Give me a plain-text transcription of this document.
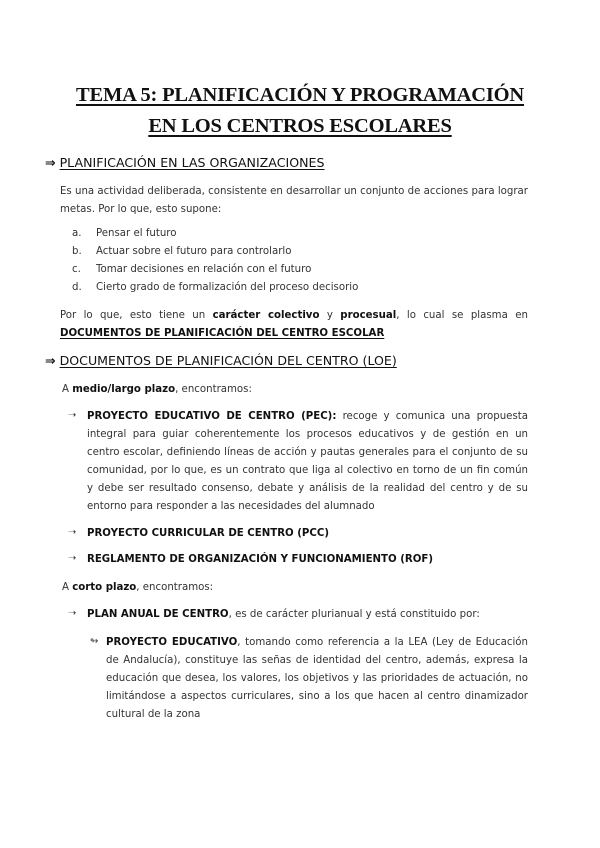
TEMA 5: PLANIFICACIÓN Y PROGRAMACIÓN
EN LOS CENTROS ESCOLARES
⇒ PLANIFICACIÓN EN LAS ORGANIZACIONES
Es una actividad deliberada, consistente en desarrollar un conjunto de acciones para lograr metas. Por lo que, esto supone:
a. Pensar el futuro
b. Actuar sobre el futuro para controlarlo
c. Tomar decisiones en relación con el futuro
d. Cierto grado de formalización del proceso decisorio
Por lo que, esto tiene un carácter colectivo y procesual, lo cual se plasma en DOCUMENTOS DE PLANIFICACIÓN DEL CENTRO ESCOLAR
⇒ DOCUMENTOS DE PLANIFICACIÓN DEL CENTRO (LOE)
A medio/largo plazo, encontramos:
➝ PROYECTO EDUCATIVO DE CENTRO (PEC): recoge y comunica una propuesta integral para guiar coherentemente los procesos educativos y de gestión en un centro escolar, definiendo líneas de acción y pautas generales para el conjunto de su comunidad, por lo que, es un contrato que liga al colectivo en torno de un fin común y debe ser resultado consenso, debate y análisis de la realidad del centro y de su entorno para responder a las necesidades del alumnado
➝ PROYECTO CURRICULAR DE CENTRO (PCC)
➝ REGLAMENTO DE ORGANIZACIÓN Y FUNCIONAMIENTO (ROF)
A corto plazo, encontramos:
➝ PLAN ANUAL DE CENTRO, es de carácter plurianual y está constituido por:
↬ PROYECTO EDUCATIVO, tomando como referencia a la LEA (Ley de Educación de Andalucía), constituye las señas de identidad del centro, además, expresa la educación que desea, los valores, los objetivos y las prioridades de actuación, no limitándose a aspectos curriculares, sino a los que hacen al centro dinamizador cultural de la zona
